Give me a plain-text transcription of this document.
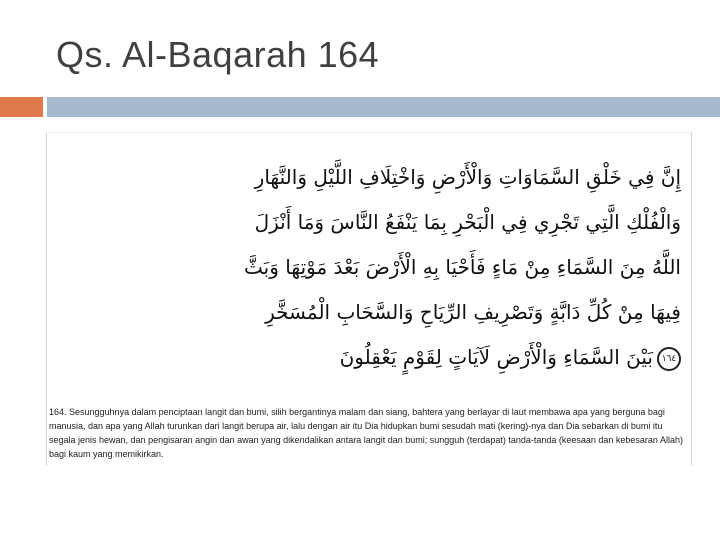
Qs. Al-Baqarah 164
إِنَّ فِي خَلْقِ السَّمَاوَاتِ وَالْأَرْضِ وَاخْتِلَافِ اللَّيْلِ وَالنَّهَارِ
وَالْفُلْكِ الَّتِي تَجْرِي فِي الْبَحْرِ بِمَا يَنْفَعُ النَّاسَ وَمَا أَنْزَلَ
اللَّهُ مِنَ السَّمَاءِ مِنْ مَاءٍ فَأَحْيَا بِهِ الْأَرْضَ بَعْدَ مَوْتِهَا وَبَثَّ
فِيهَا مِنْ كُلِّ دَابَّةٍ وَتَصْرِيفِ الرِّيَاحِ وَالسَّحَابِ الْمُسَخَّرِ
١٦٤بَيْنَ السَّمَاءِ وَالْأَرْضِ لَآيَاتٍ لِقَوْمٍ يَعْقِلُونَ
164. Sesungguhnya dalam penciptaan langit dan bumi, silih bergantinya malam dan siang, bahtera yang berlayar di laut membawa apa yang berguna bagi manusia, dan apa yang Allah turunkan dari langit berupa air, lalu dengan air itu Dia hidupkan bumi sesudah mati (kering)-nya dan Dia sebarkan di bumi itu segala jenis hewan, dan pengisaran angin dan awan yang dikendalikan antara langit dan bumi; sungguh (terdapat) tanda-tanda (keesaan dan kebesaran Allah) bagi kaum yang memikirkan.
